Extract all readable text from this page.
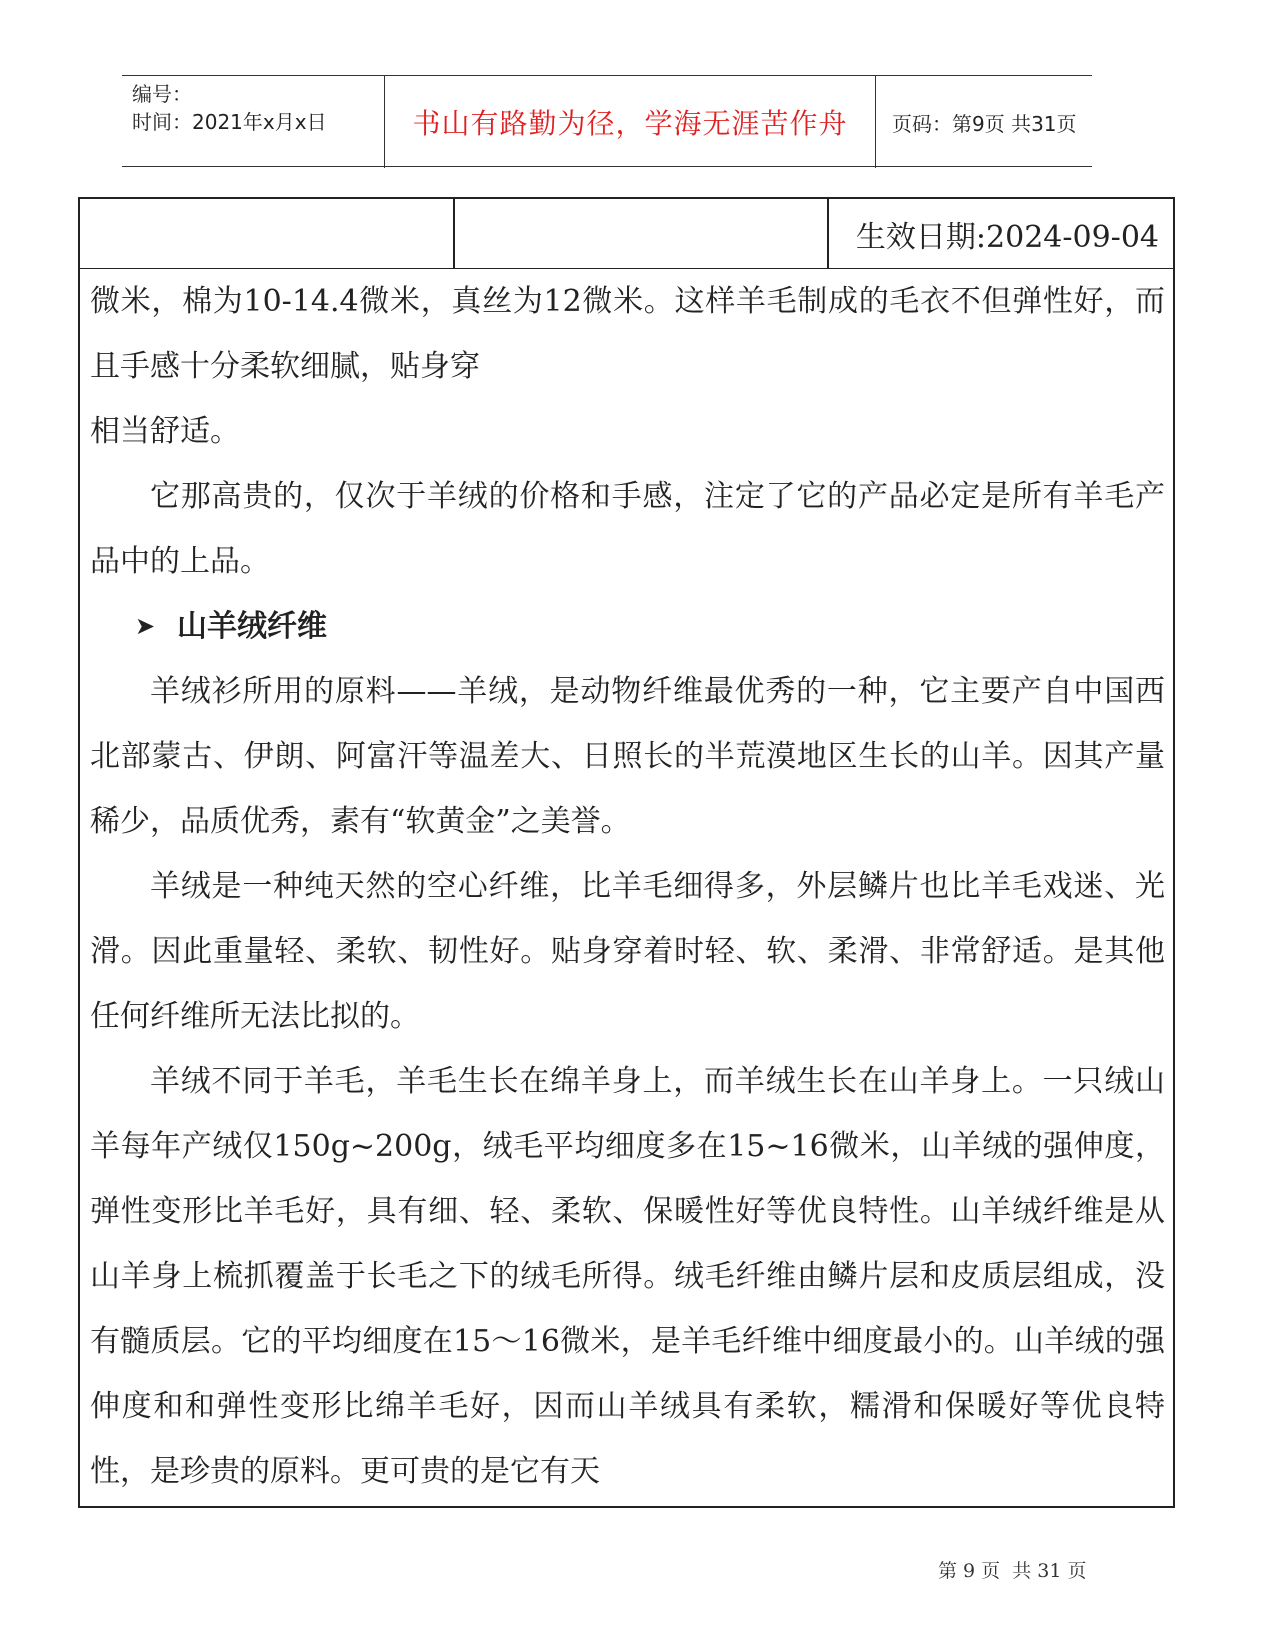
编号：
时间：2021年x月x日	书山有路勤为径，学海无涯苦作舟	页码：第9页 共31页
生效日期:2024-09-04

微米，棉为10-14.4微米，真丝为12微米。这样羊毛制成的毛衣不但弹性好，而且手感十分柔软细腻，贴身穿

相当舒适。

它那高贵的，仅次于羊绒的价格和手感，注定了它的产品必定是所有羊毛产品中的上品。

➤ 山羊绒纤维

羊绒衫所用的原料——羊绒，是动物纤维最优秀的一种，它主要产自中国西北部蒙古、伊朗、阿富汗等温差大、日照长的半荒漠地区生长的山羊。因其产量稀少，品质优秀，素有“软黄金”之美誉。

羊绒是一种纯天然的空心纤维，比羊毛细得多，外层鳞片也比羊毛戏迷、光滑。因此重量轻、柔软、韧性好。贴身穿着时轻、软、柔滑、非常舒适。是其他任何纤维所无法比拟的。

羊绒不同于羊毛，羊毛生长在绵羊身上，而羊绒生长在山羊身上。一只绒山羊每年产绒仅150g~200g，绒毛平均细度多在15~16微米，山羊绒的强伸度，弹性变形比羊毛好，具有细、轻、柔软、保暖性好等优良特性。山羊绒纤维是从山羊身上梳抓覆盖于长毛之下的绒毛所得。绒毛纤维由鳞片层和皮质层组成，没有髓质层。它的平均细度在15～16微米，是羊毛纤维中细度最小的。山羊绒的强伸度和和弹性变形比绵羊毛好，因而山羊绒具有柔软，糯滑和保暖好等优良特性，是珍贵的原料。更可贵的是它有天

第 9 页  共 31 页
